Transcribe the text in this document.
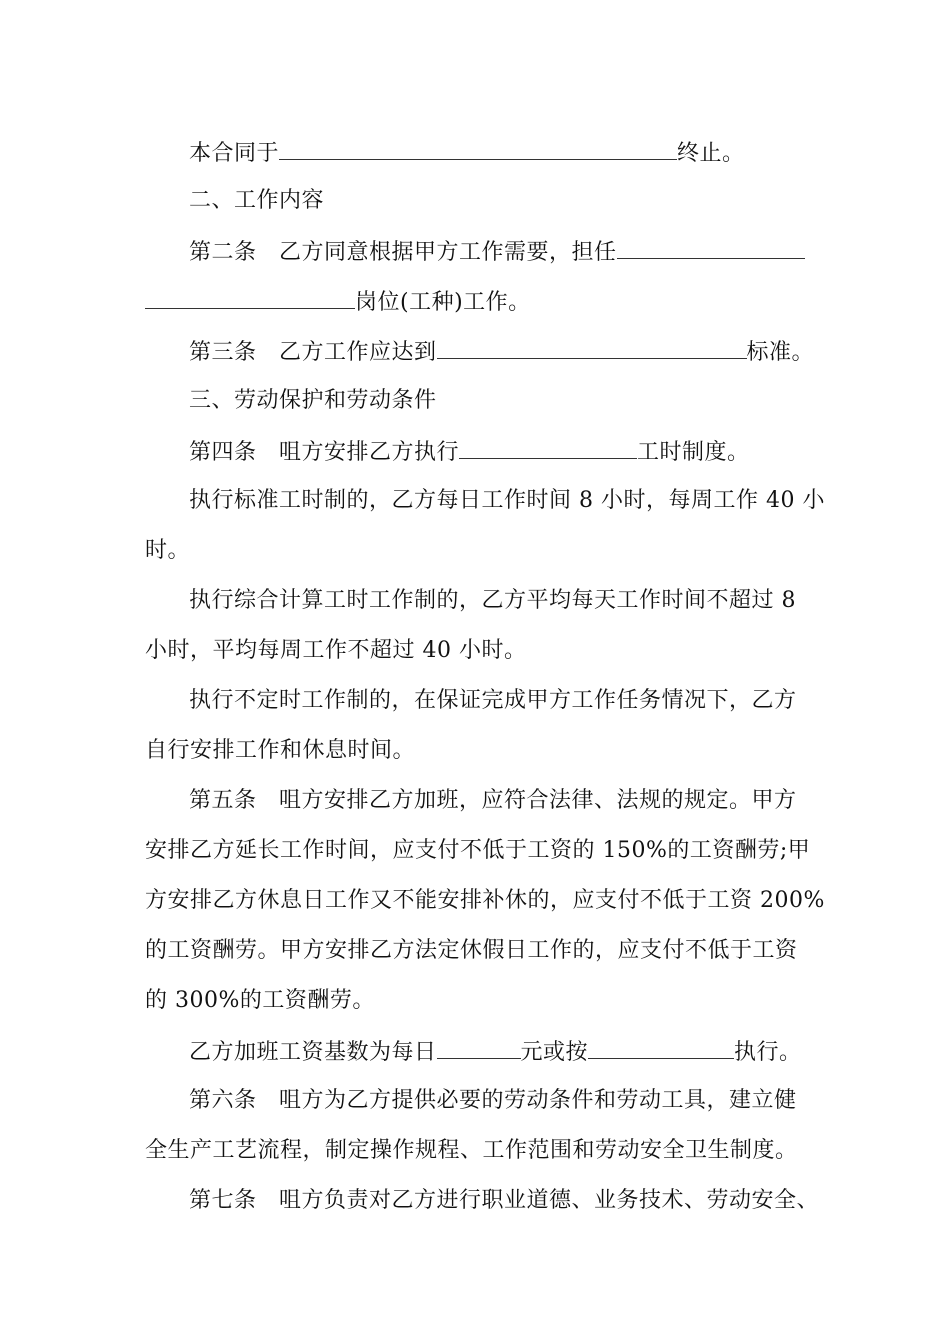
本合同于	终止。
二、工作内容
第二条　乙方同意根据甲方工作需要，担任
岗位(工种)工作。
第三条　乙方工作应达到	标准。
三、劳动保护和劳动条件
第四条　咀方安排乙方执行	工时制度。
执行标准工时制的，乙方每日工作时间 8 小时，每周工作 40 小
时。
执行综合计算工时工作制的，乙方平均每天工作时间不超过 8
小时，平均每周工作不超过 40 小时。
执行不定时工作制的，在保证完成甲方工作任务情况下，乙方
自行安排工作和休息时间。
第五条　咀方安排乙方加班，应符合法律、法规的规定。甲方
安排乙方延长工作时间，应支付不低于工资的 150%的工资酬劳;甲
方安排乙方休息日工作又不能安排补休的，应支付不低于工资 200%
的工资酬劳。甲方安排乙方法定休假日工作的，应支付不低于工资
的 300%的工资酬劳。
乙方加班工资基数为每日	元或按	执行。
第六条　咀方为乙方提供必要的劳动条件和劳动工具，建立健
全生产工艺流程，制定操作规程、工作范围和劳动安全卫生制度。
第七条　咀方负责对乙方进行职业道德、业务技术、劳动安全、
